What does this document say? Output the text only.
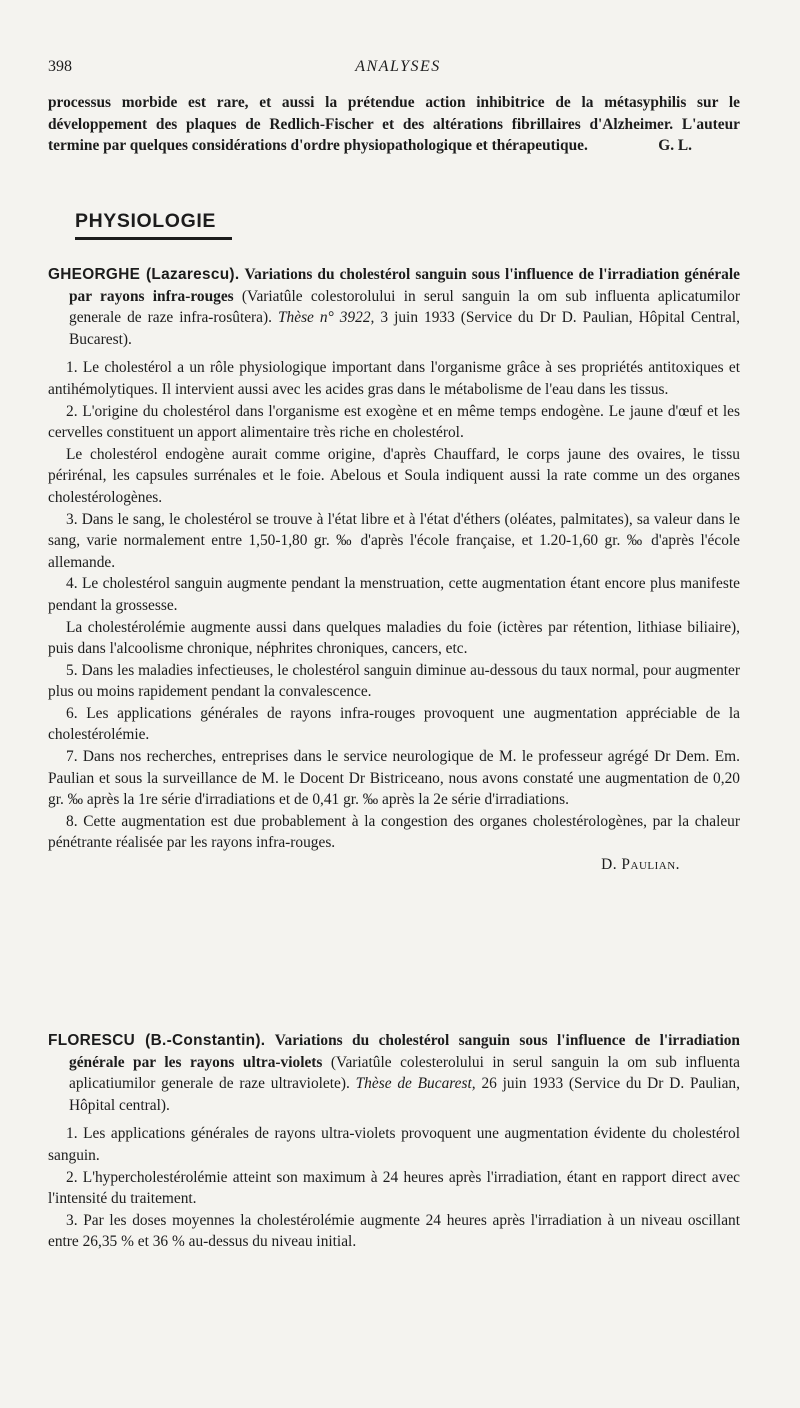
398	ANALYSES

processus morbide est rare, et aussi la prétendue action inhibitrice de la métasyphilis sur le développement des plaques de Redlich-Fischer et des altérations fibrillaires d'Alzheimer. L'auteur termine par quelques considérations d'ordre physiopathologique et thérapeutique.	G. L.

PHYSIOLOGIE

GHEORGHE (Lazarescu). Variations du cholestérol sanguin sous l'influence de l'irradiation générale par rayons infra-rouges (Variatûle colestorolului in serul sanguin la om sub influenta aplicatumilor generale de raze infra-rosûtera). Thèse n° 3922, 3 juin 1933 (Service du Dr D. Paulian, Hôpital Central, Bucarest).

1. Le cholestérol a un rôle physiologique important dans l'organisme grâce à ses propriétés antitoxiques et antihémolytiques. Il intervient aussi avec les acides gras dans le métabolisme de l'eau dans les tissus.

2. L'origine du cholestérol dans l'organisme est exogène et en même temps endogène. Le jaune d'œuf et les cervelles constituent un apport alimentaire très riche en cholestérol.

Le cholestérol endogène aurait comme origine, d'après Chauffard, le corps jaune des ovaires, le tissu périrénal, les capsules surrénales et le foie. Abelous et Soula indiquent aussi la rate comme un des organes cholestérologènes.

3. Dans le sang, le cholestérol se trouve à l'état libre et à l'état d'éthers (oléates, palmitates), sa valeur dans le sang, varie normalement entre 1,50-1,80 gr. ‰ d'après l'école française, et 1.20-1,60 gr. ‰ d'après l'école allemande.

4. Le cholestérol sanguin augmente pendant la menstruation, cette augmentation étant encore plus manifeste pendant la grossesse.

La cholestérolémie augmente aussi dans quelques maladies du foie (ictères par rétention, lithiase biliaire), puis dans l'alcoolisme chronique, néphrites chroniques, cancers, etc.

5. Dans les maladies infectieuses, le cholestérol sanguin diminue au-dessous du taux normal, pour augmenter plus ou moins rapidement pendant la convalescence.

6. Les applications générales de rayons infra-rouges provoquent une augmentation appréciable de la cholestérolémie.

7. Dans nos recherches, entreprises dans le service neurologique de M. le professeur agrégé Dr Dem. Em. Paulian et sous la surveillance de M. le Docent Dr Bistriceano, nous avons constaté une augmentation de 0,20 gr. ‰ après la 1re série d'irradiations et de 0,41 gr. ‰ après la 2e série d'irradiations.

8. Cette augmentation est due probablement à la congestion des organes cholestérologènes, par la chaleur pénétrante réalisée par les rayons infra-rouges.

D. Paulian.

FLORESCU (B.-Constantin). Variations du cholestérol sanguin sous l'influence de l'irradiation générale par les rayons ultra-violets (Variatûle colesterolului in serul sanguin la om sub influenta aplicatiumilor generale de raze ultraviolete). Thèse de Bucarest, 26 juin 1933 (Service du Dr D. Paulian, Hôpital central).

1. Les applications générales de rayons ultra-violets provoquent une augmentation évidente du cholestérol sanguin.

2. L'hypercholestérolémie atteint son maximum à 24 heures après l'irradiation, étant en rapport direct avec l'intensité du traitement.

3. Par les doses moyennes la cholestérolémie augmente 24 heures après l'irradiation à un niveau oscillant entre 26,35 % et 36 % au-dessus du niveau initial.
